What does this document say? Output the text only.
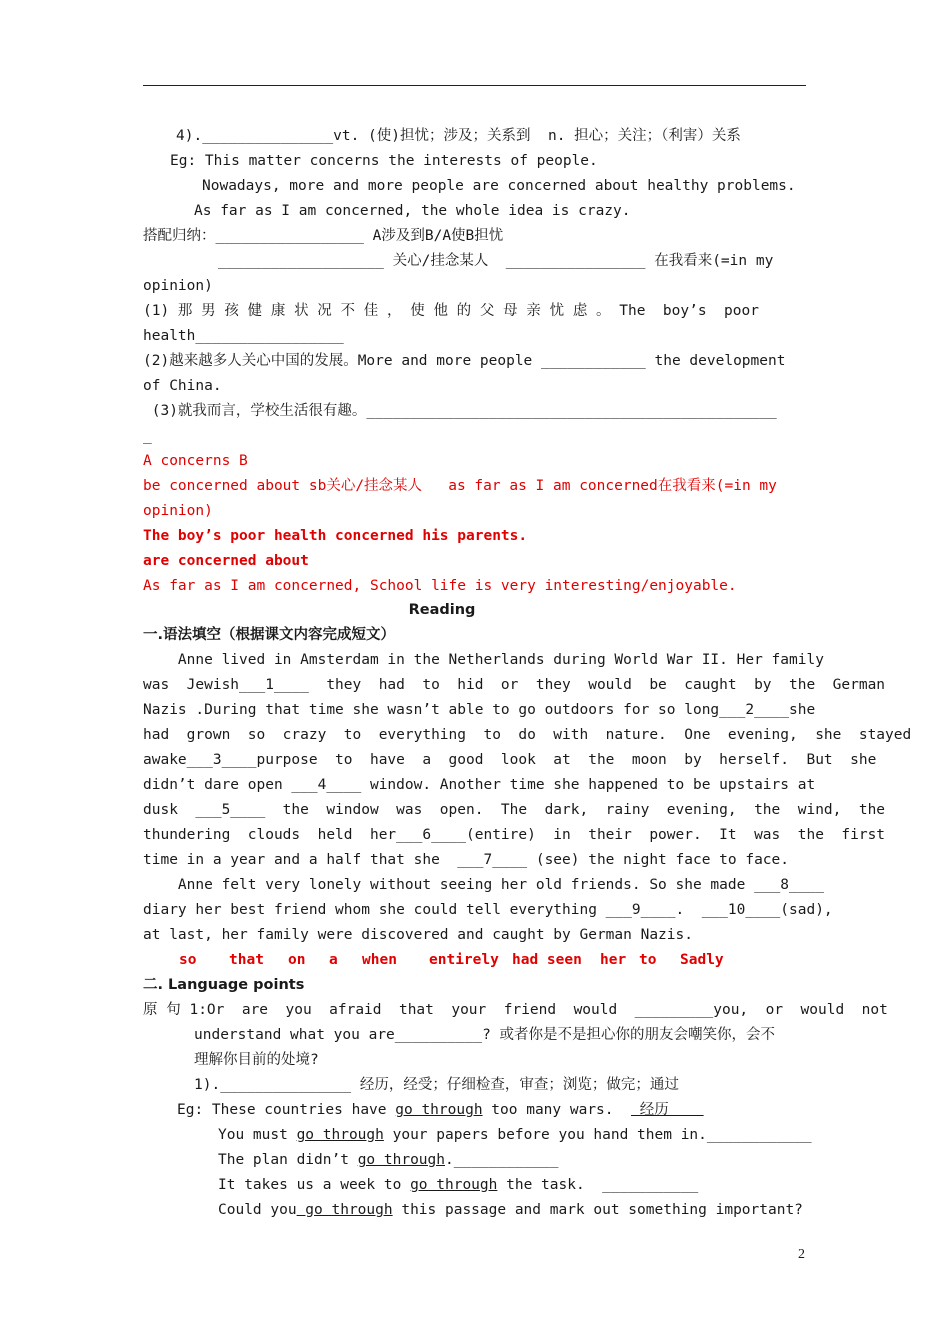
4)._______________vt. (使)担忧；涉及；关系到  n. 担心；关注；（利害）关系
Eg: This matter concerns the interests of people.
Nowadays, more and more people are concerned about healthy problems.
As far as I am concerned, the whole idea is crazy.
搭配归纳：_________________ A涉及到B/A使B担忧
___________________ 关心/挂念某人  ________________ 在我看来(=in my
opinion)
(1) 那 男 孩 健 康 状 况 不 佳 ， 使 他 的 父 母 亲 忧 虑 。 The  boy’s  poor
health_________________
(2)越来越多人关心中国的发展。More and more people ____________ the development
of China.
(3)就我而言，学校生活很有趣。_______________________________________________
_
A concerns B
be concerned about sb关心/挂念某人   as far as I am concerned在我看来(=in my
opinion)
The boy’s poor health concerned his parents.
are concerned about
As far as I am concerned, School life is very interesting/enjoyable.
Reading
一.语法填空（根据课文内容完成短文）
Anne lived in Amsterdam in the Netherlands during World War II. Her family
was  Jewish___1____  they  had  to  hid  or  they  would  be  caught  by  the  German
Nazis .During that time she wasn’t able to go outdoors for so long___2____she
had  grown  so  crazy  to  everything  to  do  with  nature.  One  evening,  she  stayed
awake___3____purpose  to  have  a  good  look  at  the  moon  by  herself.  But  she
didn’t dare open ___4____ window. Another time she happened to be upstairs at
dusk  ___5____  the  window  was  open.  The  dark,  rainy  evening,  the  wind,  the
thundering  clouds  held  her___6____(entire)  in  their  power.  It  was  the  first
time in a year and a half that she  ___7____ (see) the night face to face.
Anne felt very lonely without seeing her old friends. So she made ___8____
diary her best friend whom she could tell everything ___9____.  ___10____(sad),
at last, her family were discovered and caught by German Nazis.
so that on a when entirely had seen her to Sadly
二. Language points
原 句 1:Or  are  you  afraid  that  your  friend  would  _________you,  or  would  not
understand what you are__________? 或者你是不是担心你的朋友会嘲笑你，会不
理解你目前的处境?
1)._______________ 经历，经受；仔细检查，审查；浏览；做完；通过
Eg: These countries have go through too many wars.   经历
You must go through your papers before you hand them in.____________
The plan didn’t go through.____________
It takes us a week to go through the task.  ___________
Could you go through this passage and mark out something important?
2
